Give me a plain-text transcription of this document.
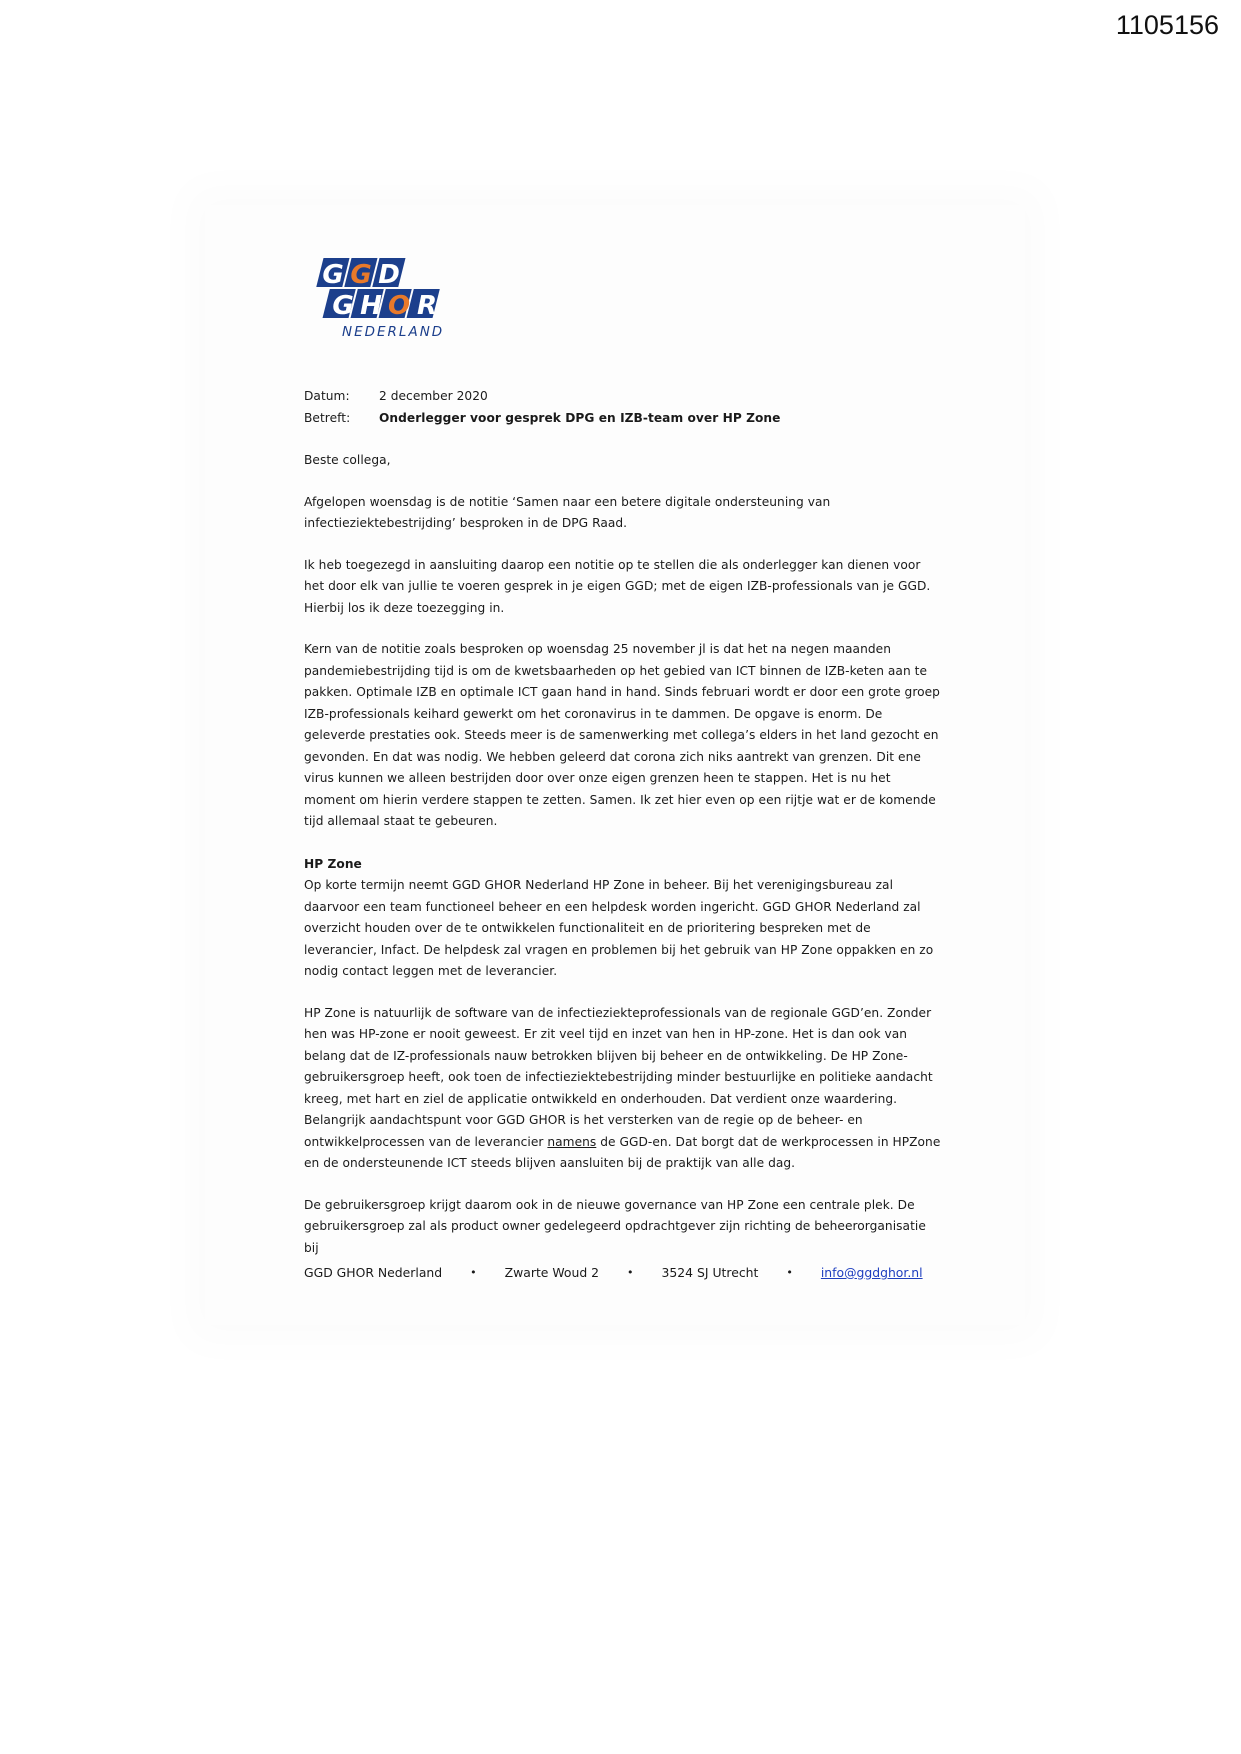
1105156
G G D
G H O R
NEDERLAND
Datum:	2 december 2020
Betreft:	Onderlegger voor gesprek DPG en IZB-team over HP Zone
Beste collega,

Afgelopen woensdag is de notitie ‘Samen naar een betere digitale ondersteuning van infectieziektebestrijding’ besproken in de DPG Raad.

Ik heb toegezegd in aansluiting daarop een notitie op te stellen die als onderlegger kan dienen voor het door elk van jullie te voeren gesprek in je eigen GGD; met de eigen IZB-professionals van je GGD. Hierbij los ik deze toezegging in.

Kern van de notitie zoals besproken op woensdag 25 november jl is dat het na negen maanden pandemiebestrijding tijd is om de kwetsbaarheden op het gebied van ICT binnen de IZB-keten aan te pakken. Optimale IZB en optimale ICT gaan hand in hand. Sinds februari wordt er door een grote groep IZB-professionals keihard gewerkt om het coronavirus in te dammen. De opgave is enorm. De geleverde prestaties ook. Steeds meer is de samenwerking met collega’s elders in het land gezocht en gevonden. En dat was nodig. We hebben geleerd dat corona zich niks aantrekt van grenzen. Dit ene virus kunnen we alleen bestrijden door over onze eigen grenzen heen te stappen. Het is nu het moment om hierin verdere stappen te zetten. Samen. Ik zet hier even op een rijtje wat er de komende tijd allemaal staat te gebeuren.

HP Zone

Op korte termijn neemt GGD GHOR Nederland HP Zone in beheer. Bij het verenigingsbureau zal daarvoor een team functioneel beheer en een helpdesk worden ingericht. GGD GHOR Nederland zal overzicht houden over de te ontwikkelen functionaliteit en de prioritering bespreken met de leverancier, Infact. De helpdesk zal vragen en problemen bij het gebruik van HP Zone oppakken en zo nodig contact leggen met de leverancier.

HP Zone is natuurlijk de software van de infectieziekteprofessionals van de regionale GGD’en. Zonder hen was HP-zone er nooit geweest. Er zit veel tijd en inzet van hen in HP-zone. Het is dan ook van belang dat de IZ-professionals nauw betrokken blijven bij beheer en de ontwikkeling. De HP Zone-gebruikersgroep heeft, ook toen de infectieziektebestrijding minder bestuurlijke en politieke aandacht kreeg, met hart en ziel de applicatie ontwikkeld en onderhouden. Dat verdient onze waardering. Belangrijk aandachtspunt voor GGD GHOR is het versterken van de regie op de beheer- en ontwikkelprocessen van de leverancier namens de GGD-en. Dat borgt dat de werkprocessen in HPZone en de ondersteunende ICT steeds blijven aansluiten bij de praktijk van alle dag.

De gebruikersgroep krijgt daarom ook in de nieuwe governance van HP Zone een centrale plek. De gebruikersgroep zal als product owner gedelegeerd opdrachtgever zijn richting de beheerorganisatie bij

GGD GHOR Nederland	• Zwarte Woud 2	• 3524 SJ Utrecht	• info@ggdghor.nl
